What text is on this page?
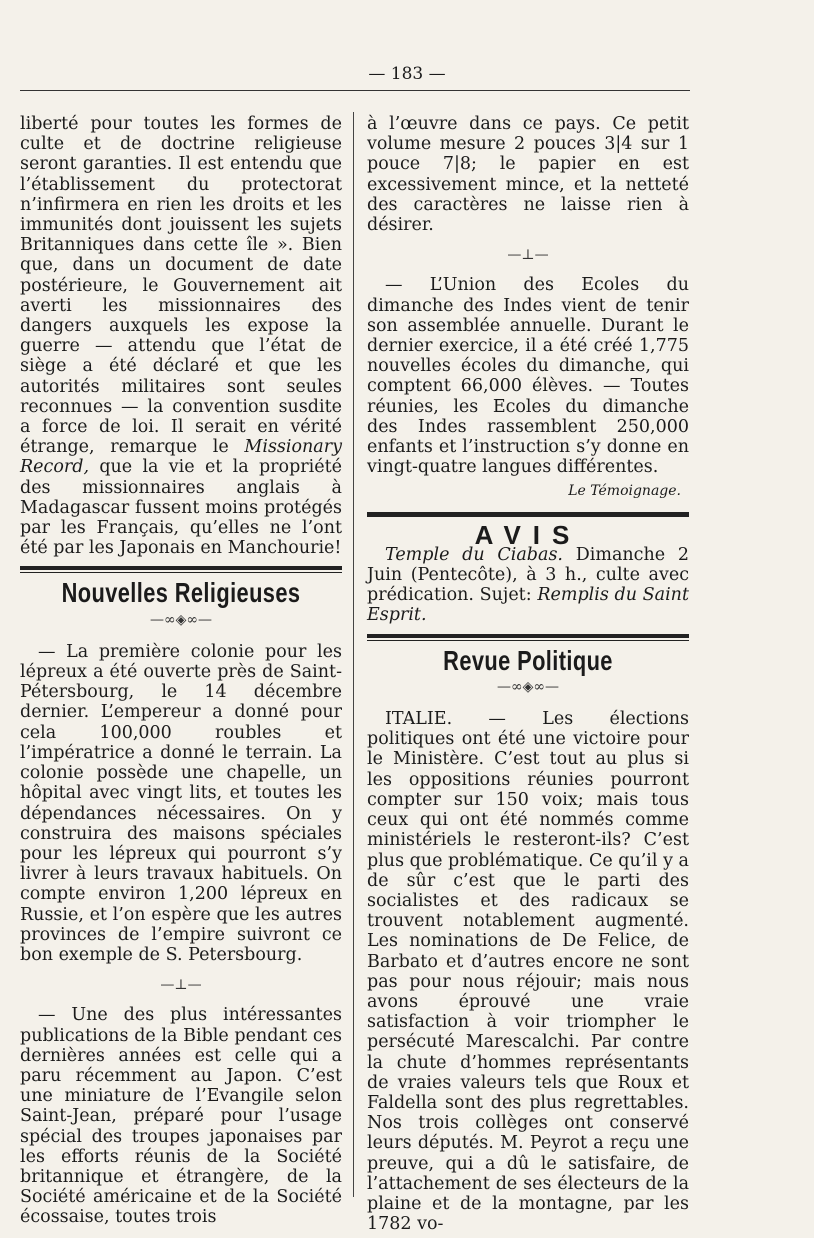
— 183 —

liberté pour toutes les formes de culte et de doctrine religieuse seront garanties. Il est entendu que l’établissement du protectorat n’infirmera en rien les droits et les immunités dont jouissent les sujets Britanniques dans cette île ». Bien que, dans un document de date postérieure, le Gouvernement ait averti les missionnaires des dangers auxquels les expose la guerre — attendu que l’état de siège a été déclaré et que les autorités militaires sont seules reconnues — la convention susdite a force de loi. Il serait en vérité étrange, remarque le Missionary Record, que la vie et la propriété des missionnaires anglais à Madagascar fussent moins protégés par les Français, qu’elles ne l’ont été par les Japonais en Manchourie!

Nouvelles Religieuses
—∞◈∞—

— La première colonie pour les lépreux a été ouverte près de Saint-Pétersbourg, le 14 décembre dernier. L’empereur a donné pour cela 100,000 roubles et l’impératrice a donné le terrain. La colonie possède une chapelle, un hôpital avec vingt lits, et toutes les dépendances nécessaires. On y construira des maisons spéciales pour les lépreux qui pourront s’y livrer à leurs travaux habituels. On compte environ 1,200 lépreux en Russie, et l’on espère que les autres provinces de l’empire suivront ce bon exemple de S. Petersbourg.

—⊥—

— Une des plus intéressantes publications de la Bible pendant ces dernières années est celle qui a paru récemment au Japon. C’est une miniature de l’Evangile selon Saint-Jean, préparé pour l’usage spécial des troupes japonaises par les efforts réunis de la Société britannique et étrangère, de la Société américaine et de la Société écossaise, toutes trois

à l’œuvre dans ce pays. Ce petit volume mesure 2 pouces 3|4 sur 1 pouce 7|8; le papier en est excessivement mince, et la netteté des caractères ne laisse rien à désirer.

—⊥—

— L’Union des Ecoles du dimanche des Indes vient de tenir son assemblée annuelle. Durant le dernier exercice, il a été créé 1,775 nouvelles écoles du dimanche, qui comptent 66,000 élèves. — Toutes réunies, les Ecoles du dimanche des Indes rassemblent 250,000 enfants et l’instruction s’y donne en vingt-quatre langues différentes.

Le Témoignage.
AVIS

Temple du Ciabas. Dimanche 2 Juin (Pentecôte), à 3 h., culte avec prédication. Sujet: Remplis du Saint Esprit.

Revue Politique
—∞◈∞—

ITALIE. — Les élections politiques ont été une victoire pour le Ministère. C’est tout au plus si les oppositions réunies pourront compter sur 150 voix; mais tous ceux qui ont été nommés comme ministériels le resteront-ils? C’est plus que problématique. Ce qu’il y a de sûr c’est que le parti des socialistes et des radicaux se trouvent notablement augmenté. Les nominations de De Felice, de Barbato et d’autres encore ne sont pas pour nous réjouir; mais nous avons éprouvé une vraie satisfaction à voir triompher le persécuté Marescalchi. Par contre la chute d’hommes représentants de vraies valeurs tels que Roux et Faldella sont des plus regrettables. Nos trois collèges ont conservé leurs députés. M. Peyrot a reçu une preuve, qui a dû le satisfaire, de l’attachement de ses électeurs de la plaine et de la montagne, par les 1782 vo-
